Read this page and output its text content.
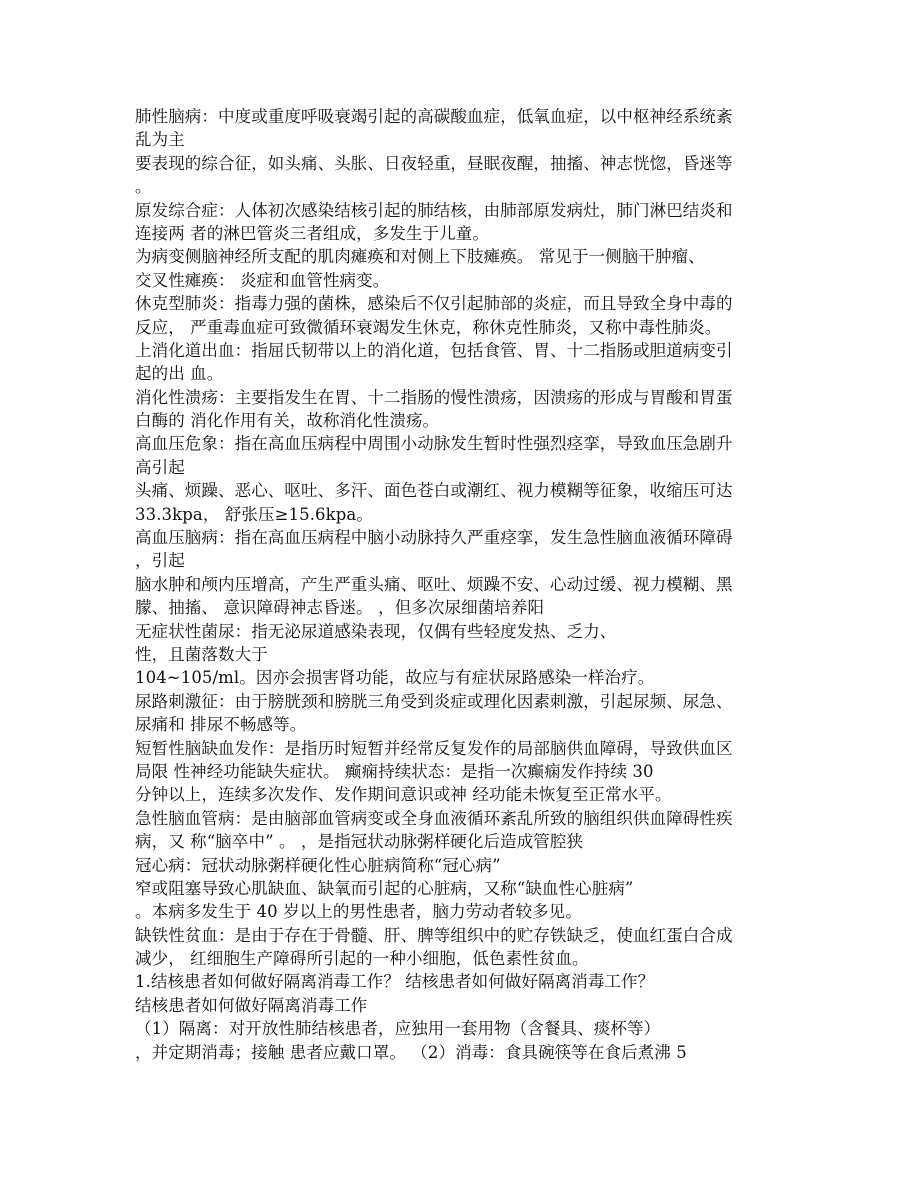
肺性脑病：中度或重度呼吸衰竭引起的高碳酸血症，低氧血症，以中枢神经系统紊
乱为主
要表现的综合征，如头痛、头胀、日夜轻重，昼眠夜醒，抽搐、神志恍惚，昏迷等
。
原发综合症：人体初次感染结核引起的肺结核，由肺部原发病灶，肺门淋巴结炎和
连接两 者的淋巴管炎三者组成，多发生于儿童。
为病变侧脑神经所支配的肌肉瘫痪和对侧上下肢瘫痪。 常见于一侧脑干肿瘤、
交叉性瘫痪： 炎症和血管性病变。
休克型肺炎：指毒力强的菌株，感染后不仅引起肺部的炎症，而且导致全身中毒的
反应， 严重毒血症可致微循环衰竭发生休克，称休克性肺炎，又称中毒性肺炎。
上消化道出血：指屈氏韧带以上的消化道，包括食管、胃、十二指肠或胆道病变引
起的出 血。
消化性溃疡：主要指发生在胃、十二指肠的慢性溃疡，因溃疡的形成与胃酸和胃蛋
白酶的 消化作用有关，故称消化性溃疡。
高血压危象：指在高血压病程中周围小动脉发生暂时性强烈痉挛，导致血压急剧升
高引起
头痛、烦躁、恶心、呕吐、多汗、面色苍白或潮红、视力模糊等征象，收缩压可达
33.3kpa， 舒张压≥15.6kpa。
高血压脑病：指在高血压病程中脑小动脉持久严重痉挛，发生急性脑血液循环障碍
，引起
脑水肿和颅内压增高，产生严重头痛、呕吐、烦躁不安、心动过缓、视力模糊、黑
朦、抽搐、 意识障碍神志昏迷。 ，但多次尿细菌培养阳
无症状性菌尿：指无泌尿道感染表现，仅偶有些轻度发热、乏力、
性，且菌落数大于
104~105/ml。因亦会损害肾功能，故应与有症状尿路感染一样治疗。
尿路刺激征：由于膀胱颈和膀胱三角受到炎症或理化因素刺激，引起尿频、尿急、
尿痛和 排尿不畅感等。
短暂性脑缺血发作：是指历时短暂并经常反复发作的局部脑供血障碍，导致供血区
局限 性神经功能缺失症状。 癫痫持续状态：是指一次癫痫发作持续 30
分钟以上，连续多次发作、发作期间意识或神 经功能未恢复至正常水平。
急性脑血管病：是由脑部血管病变或全身血液循环紊乱所致的脑组织供血障碍性疾
病，又 称“脑卒中” 。 ，是指冠状动脉粥样硬化后造成管腔狭
冠心病：冠状动脉粥样硬化性心脏病简称“冠心病”
窄或阻塞导致心肌缺血、缺氧而引起的心脏病，又称“缺血性心脏病”
。本病多发生于 40 岁以上的男性患者，脑力劳动者较多见。
缺铁性贫血：是由于存在于骨髓、肝、脾等组织中的贮存铁缺乏，使血红蛋白合成
减少， 红细胞生产障碍所引起的一种小细胞，低色素性贫血。
1.结核患者如何做好隔离消毒工作？ 结核患者如何做好隔离消毒工作？
结核患者如何做好隔离消毒工作
（1）隔离：对开放性肺结核患者，应独用一套用物（含餐具、痰杯等）
，并定期消毒；接触 患者应戴口罩。 （2）消毒：食具碗筷等在食后煮沸 5
